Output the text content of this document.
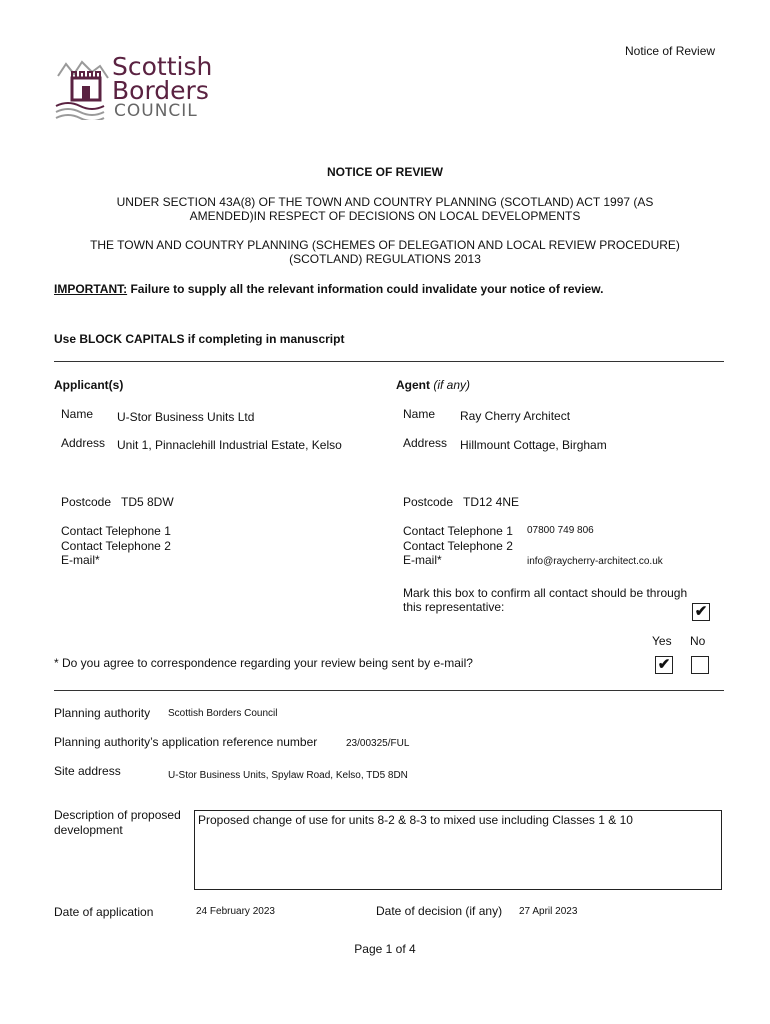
Notice of Review
Scottish
Borders
COUNCIL
NOTICE OF REVIEW
UNDER SECTION 43A(8) OF THE TOWN AND COUNTRY PLANNING (SCOTLAND) ACT 1997 (AS
AMENDED)IN RESPECT OF DECISIONS ON LOCAL DEVELOPMENTS
THE TOWN AND COUNTRY PLANNING (SCHEMES OF DELEGATION AND LOCAL REVIEW PROCEDURE)
(SCOTLAND) REGULATIONS 2013
IMPORTANT: Failure to supply all the relevant information could invalidate your notice of review.
Use BLOCK CAPITALS if completing in manuscript
Applicant(s)
Name U-Stor Business Units Ltd
Address Unit 1, Pinnaclehill Industrial Estate, Kelso
Postcode TD5 8DW
Contact Telephone 1
Contact Telephone 2
E-mail*
Agent (if any)
Name Ray Cherry Architect
Address Hillmount Cottage, Birgham
Postcode TD12 4NE
Contact Telephone 1 07800 749 806
Contact Telephone 2
E-mail*	info@raycherry-architect.co.uk
Mark this box to confirm all contact should be through
this representative:	✔
Yes No
* Do you agree to correspondence regarding your review being sent by e-mail?	✔
Planning authority Scottish Borders Council
Planning authority’s application reference number	23/00325/FUL
Site address	U-Stor Business Units, Spylaw Road, Kelso, TD5 8DN
Description of proposed
development
Proposed change of use for units 8-2 & 8-3 to mixed use including Classes 1 & 10
Date of application	24 February 2023	Date of decision (if any) 27 April 2023
Page 1 of 4
